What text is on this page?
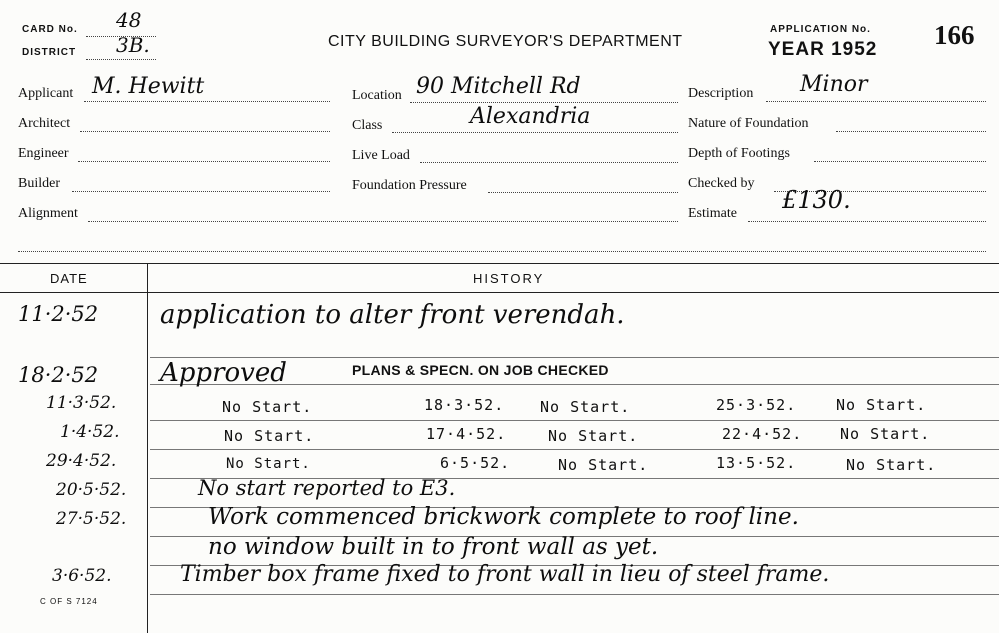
CARD No. 48
DISTRICT 3B.	CITY BUILDING SURVEYOR'S DEPARTMENT
APPLICATION No. 166
YEAR 1952
Applicant M. Hewitt
Architect
Engineer
Builder
Alignment
Location 90 Mitchell Rd
Class	Alexandria
Live Load
Foundation Pressure
Description Minor
Nature of Foundation
Depth of Footings
Checked by
Estimate £130.
DATE	HISTORY
11·2·52 application to alter front verendah.
18·2·52 Approved	PLANS & SPECN. ON JOB CHECKED
11·3·52.	No Start.	18·3·52. No Start.	25·3·52.	No Start.
1·4·52.	No Start.	17·4·52.	No Start.	22·4·52.	No Start.
29·4·52.	No Start.	6·5·52.	No Start.	13·5·52.	No Start.
20·5·52.	No start reported to E3.
27·5·52.	Work commenced brickwork complete to roof line.
no window built in to front wall as yet.
3·6·52.	Timber box frame fixed to front wall in lieu of steel frame.
C OF S 7124
